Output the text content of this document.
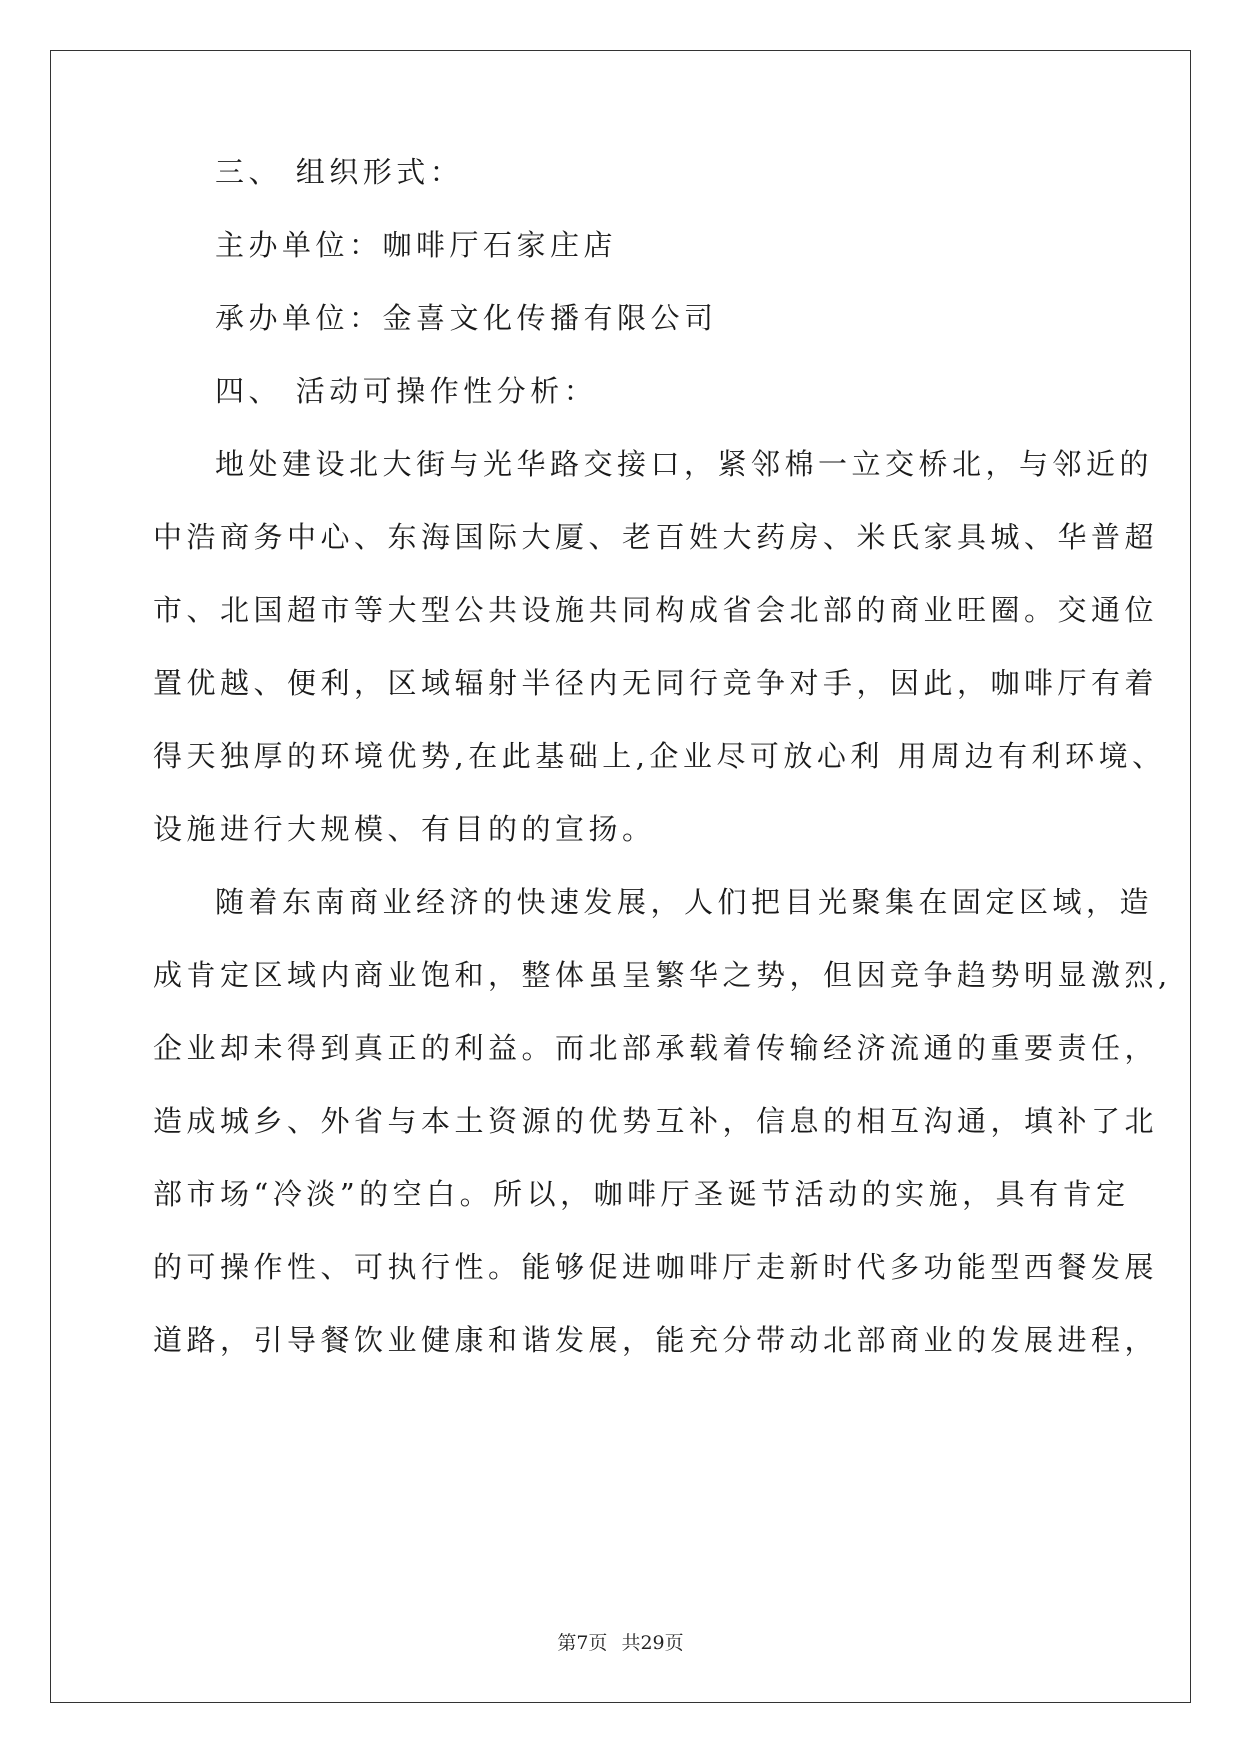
三、 组织形式：
主办单位：咖啡厅石家庄店
承办单位：金喜文化传播有限公司
四、 活动可操作性分析：
地处建设北大街与光华路交接口，紧邻棉一立交桥北，与邻近的
中浩商务中心、东海国际大厦、老百姓大药房、米氏家具城、华普超
市、北国超市等大型公共设施共同构成省会北部的商业旺圈。交通位
置优越、便利，区域辐射半径内无同行竞争对手，因此，咖啡厅有着
得天独厚的环境优势,在此基础上,企业尽可放心利 用周边有利环境、
设施进行大规模、有目的的宣扬。
随着东南商业经济的快速发展，人们把目光聚集在固定区域，造
成肯定区域内商业饱和，整体虽呈繁华之势，但因竞争趋势明显激烈,
企业却未得到真正的利益。而北部承载着传输经济流通的重要责任，
造成城乡、外省与本土资源的优势互补，信息的相互沟通，填补了北
部市场“冷淡”的空白。所以，咖啡厅圣诞节活动的实施，具有肯定
的可操作性、可执行性。能够促进咖啡厅走新时代多功能型西餐发展
道路，引导餐饮业健康和谐发展，能充分带动北部商业的发展进程，
第7页 共29页
